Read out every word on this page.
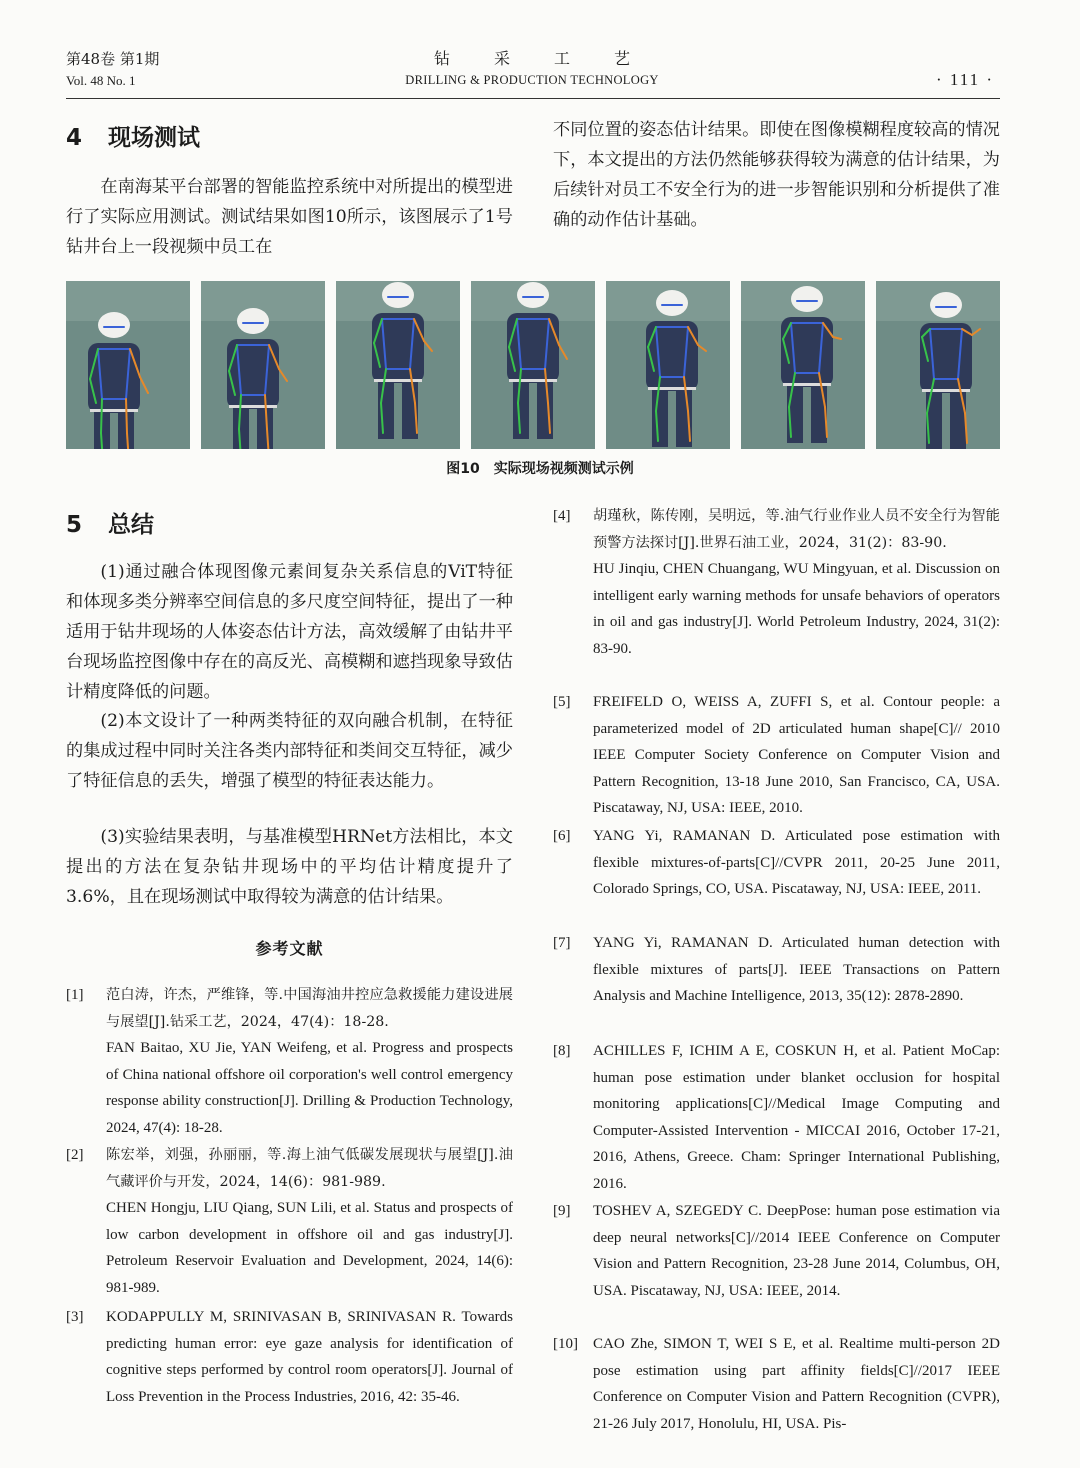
第48卷 第1期
Vol. 48 No. 1
钻采工艺
DRILLING & PRODUCTION TECHNOLOGY	· 111 ·
4 现场测试

在南海某平台部署的智能监控系统中对所提出的模型进行了实际应用测试。测试结果如图10所示，该图展示了1号钻井台上一段视频中员工在

不同位置的姿态估计结果。即使在图像模糊程度较高的情况下，本文提出的方法仍然能够获得较为满意的估计结果，为后续针对员工不安全行为的进一步智能识别和分析提供了准确的动作估计基础。

图10 实际现场视频测试示例
5 总结

(1)通过融合体现图像元素间复杂关系信息的ViT特征和体现多类分辨率空间信息的多尺度空间特征，提出了一种适用于钻井现场的人体姿态估计方法，高效缓解了由钻井平台现场监控图像中存在的高反光、高模糊和遮挡现象导致估计精度降低的问题。

(2)本文设计了一种两类特征的双向融合机制，在特征的集成过程中同时关注各类内部特征和类间交互特征，减少了特征信息的丢失，增强了模型的特征表达能力。

(3)实验结果表明，与基准模型HRNet方法相比，本文提出的方法在复杂钻井现场中的平均估计精度提升了3.6%，且在现场测试中取得较为满意的估计结果。

参考文献
[1] 范白涛，许杰，严维锋，等.中国海油井控应急救援能力建设进展与展望[J].钻采工艺，2024，47(4)：18-28.
FAN Baitao, XU Jie, YAN Weifeng, et al. Progress and prospects of China national offshore oil corporation's well control emergency response ability construction[J]. Drilling & Production Technology, 2024, 47(4): 18-28.
[2] 陈宏举，刘强，孙丽丽，等.海上油气低碳发展现状与展望[J].油气藏评价与开发，2024，14(6)：981-989.
CHEN Hongju, LIU Qiang, SUN Lili, et al. Status and prospects of low carbon development in offshore oil and gas industry[J]. Petroleum Reservoir Evaluation and Development, 2024, 14(6): 981-989.
[3] KODAPPULLY M, SRINIVASAN B, SRINIVASAN R. Towards predicting human error: eye gaze analysis for identification of cognitive steps performed by control room operators[J]. Journal of Loss Prevention in the Process Industries, 2016, 42: 35-46.
[4] 胡瑾秋，陈传刚，吴明远，等.油气行业作业人员不安全行为智能预警方法探讨[J].世界石油工业，2024，31(2)：83-90.
HU Jinqiu, CHEN Chuangang, WU Mingyuan, et al. Discussion on intelligent early warning methods for unsafe behaviors of operators in oil and gas industry[J]. World Petroleum Industry, 2024, 31(2): 83-90.
[5] FREIFELD O, WEISS A, ZUFFI S, et al. Contour people: a parameterized model of 2D articulated human shape[C]// 2010 IEEE Computer Society Conference on Computer Vision and Pattern Recognition, 13-18 June 2010, San Francisco, CA, USA. Piscataway, NJ, USA: IEEE, 2010.
[6] YANG Yi, RAMANAN D. Articulated pose estimation with flexible mixtures-of-parts[C]//CVPR 2011, 20-25 June 2011, Colorado Springs, CO, USA. Piscataway, NJ, USA: IEEE, 2011.
[7] YANG Yi, RAMANAN D. Articulated human detection with flexible mixtures of parts[J]. IEEE Transactions on Pattern Analysis and Machine Intelligence, 2013, 35(12): 2878-2890.
[8] ACHILLES F, ICHIM A E, COSKUN H, et al. Patient MoCap: human pose estimation under blanket occlusion for hospital monitoring applications[C]//Medical Image Computing and Computer-Assisted Intervention - MICCAI 2016, October 17-21, 2016, Athens, Greece. Cham: Springer International Publishing, 2016.
[9] TOSHEV A, SZEGEDY C. DeepPose: human pose estimation via deep neural networks[C]//2014 IEEE Conference on Computer Vision and Pattern Recognition, 23-28 June 2014, Columbus, OH, USA. Piscataway, NJ, USA: IEEE, 2014.
[10] CAO Zhe, SIMON T, WEI S E, et al. Realtime multi-person 2D pose estimation using part affinity fields[C]//2017 IEEE Conference on Computer Vision and Pattern Recognition (CVPR), 21-26 July 2017, Honolulu, HI, USA. Pis-
